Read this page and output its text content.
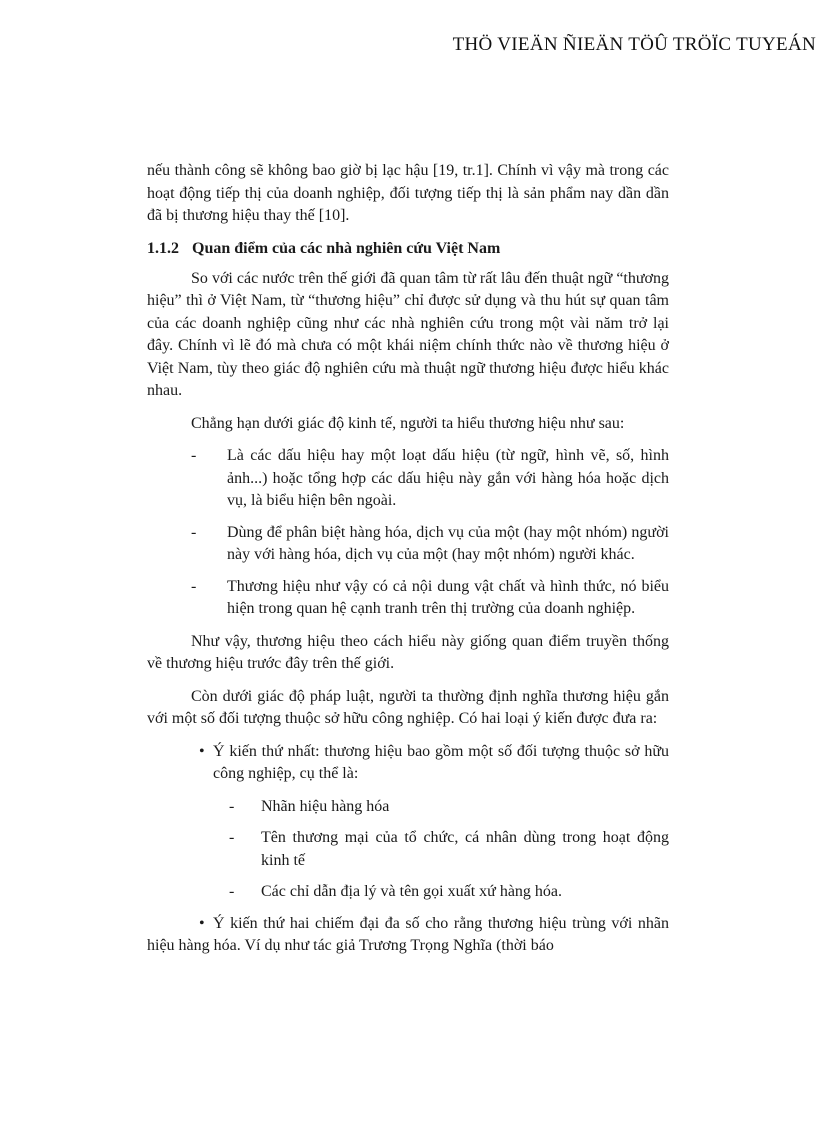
THÖ VIEÄN ÑIEÄN TÖÛ TRÖÏC TUYEÁN

nếu thành công sẽ không bao giờ bị lạc hậu [19, tr.1]. Chính vì vậy mà trong các hoạt động tiếp thị của doanh nghiệp, đối tượng tiếp thị là sản phẩm nay dần dần đã bị thương hiệu thay thế [10].

1.1.2 Quan điểm của các nhà nghiên cứu Việt Nam

So với các nước trên thế giới đã quan tâm từ rất lâu đến thuật ngữ “thương hiệu” thì ở Việt Nam, từ “thương hiệu” chỉ được sử dụng và thu hút sự quan tâm của các doanh nghiệp cũng như các nhà nghiên cứu trong một vài năm trở lại đây. Chính vì lẽ đó mà chưa có một khái niệm chính thức nào về thương hiệu ở Việt Nam, tùy theo giác độ nghiên cứu mà thuật ngữ thương hiệu được hiểu khác nhau.

Chẳng hạn dưới giác độ kinh tế, người ta hiểu thương hiệu như sau:

- Là các dấu hiệu hay một loạt dấu hiệu (từ ngữ, hình vẽ, số, hình ảnh...) hoặc tổng hợp các dấu hiệu này gắn với hàng hóa hoặc dịch vụ, là biểu hiện bên ngoài.
- Dùng để phân biệt hàng hóa, dịch vụ của một (hay một nhóm) người này với hàng hóa, dịch vụ của một (hay một nhóm) người khác.
- Thương hiệu như vậy có cả nội dung vật chất và hình thức, nó biểu hiện trong quan hệ cạnh tranh trên thị trường của doanh nghiệp.

Như vậy, thương hiệu theo cách hiểu này giống quan điểm truyền thống về thương hiệu trước đây trên thế giới.

Còn dưới giác độ pháp luật, người ta thường định nghĩa thương hiệu gắn với một số đối tượng thuộc sở hữu công nghiệp. Có hai loại ý kiến được đưa ra:

• Ý kiến thứ nhất: thương hiệu bao gồm một số đối tượng thuộc sở hữu công nghiệp, cụ thể là:
- Nhãn hiệu hàng hóa
- Tên thương mại của tổ chức, cá nhân dùng trong hoạt động kinh tế
- Các chỉ dẫn địa lý và tên gọi xuất xứ hàng hóa.
• Ý kiến thứ hai chiếm đại đa số cho rằng thương hiệu trùng với nhãn hiệu hàng hóa. Ví dụ như tác giả Trương Trọng Nghĩa (thời báo
